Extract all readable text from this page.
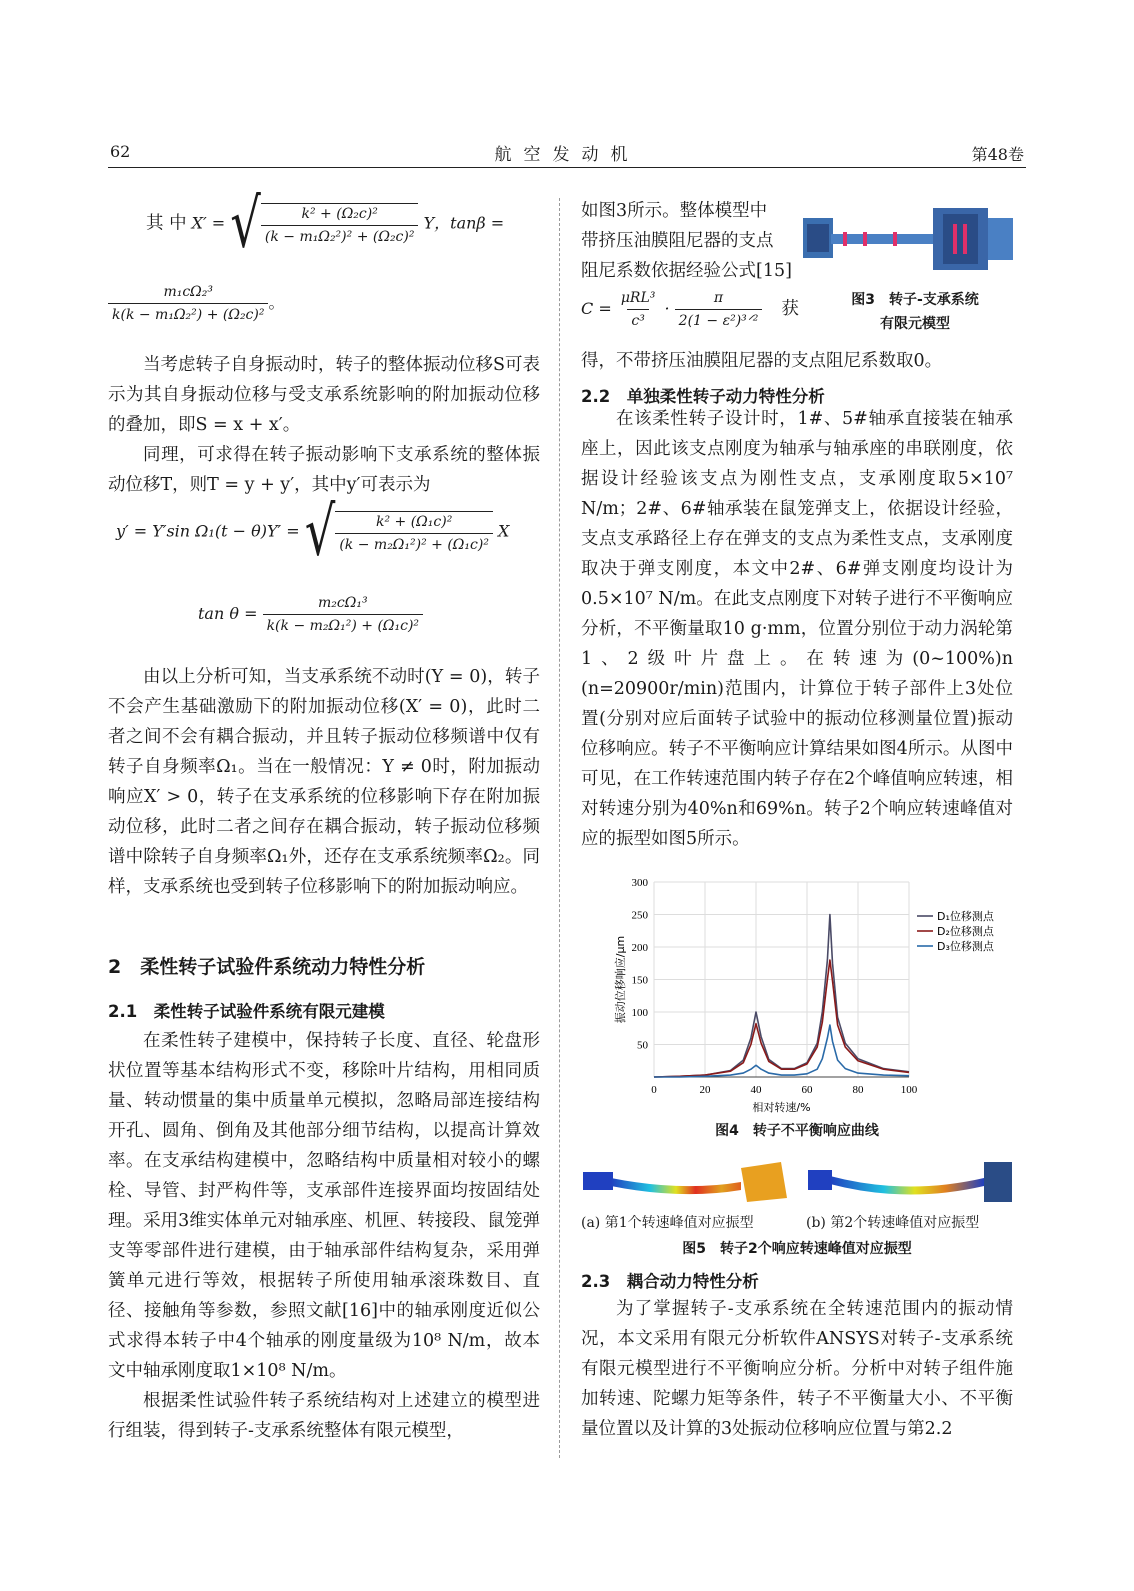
62	航空发动机	第48卷
其 中 X′ = √ $\frac{\text{k² + (Ω₂c)²}}{\text{(k − m₁Ω₂²)² + (Ω₂c)²}}$ Y，tanβ =
$\frac{\text{m₁cΩ₂³}}{\text{k(k − m₁Ω₂²) + (Ω₂c)²}}$ 。

当考虑转子自身振动时，转子的整体振动位移S可表示为其自身振动位移与受支承系统影响的附加振动位移的叠加，即S = x + x′。

同理，可求得在转子振动影响下支承系统的整体振动位移T，则T = y + y′，其中y′可表示为

y′ = Y′sin Ω₁(t − θ)Y′ = √ $\frac{\text{k² + (Ω₁c)²}}{\text{(k − m₂Ω₁²)² + (Ω₁c)²}}$ X
$\tan \theta = \frac{\text{m₂cΩ₁³}}{\text{k(k − m₂Ω₁²) + (Ω₁c)²}}$

由以上分析可知，当支承系统不动时(Y = 0)，转子不会产生基础激励下的附加振动位移(X′ = 0)，此时二者之间不会有耦合振动，并且转子振动位移频谱中仅有转子自身频率Ω₁。当在一般情况：Y ≠ 0时，附加振动响应X′ > 0，转子在支承系统的位移影响下存在附加振动位移，此时二者之间存在耦合振动，转子振动位移频谱中除转子自身频率Ω₁外，还存在支承系统频率Ω₂。同样，支承系统也受到转子位移影响下的附加振动响应。

2　柔性转子试验件系统动力特性分析
2.1　柔性转子试验件系统有限元建模

在柔性转子建模中，保持转子长度、直径、轮盘形状位置等基本结构形式不变，移除叶片结构，用相同质量、转动惯量的集中质量单元模拟，忽略局部连接结构开孔、圆角、倒角及其他部分细节结构，以提高计算效率。在支承结构建模中，忽略结构中质量相对较小的螺栓、导管、封严构件等，支承部件连接界面均按固结处理。采用3维实体单元对轴承座、机匣、转接段、鼠笼弹支等零部件进行建模，由于轴承部件结构复杂，采用弹簧单元进行等效，根据转子所使用轴承滚珠数目、直径、接触角等参数，参照文献[16]中的轴承刚度近似公式求得本转子中4个轴承的刚度量级为10⁸ N/m，故本文中轴承刚度取1×10⁸ N/m。

根据柔性试验件转子系统结构对上述建立的模型进行组装，得到转子-支承系统整体有限元模型，

如图3所示。整体模型中

带挤压油膜阻尼器的支点

阻尼系数依据经验公式[15]

$C = \frac{\text{μRL³}}{\text{c³}} \cdot \frac{\pi}{\text{2(1 − ε²)³ᐟ²}}$ 获	图3　转子-支承系统
有限元模型

得，不带挤压油膜阻尼器的支点阻尼系数取0。

2.2　单独柔性转子动力特性分析

在该柔性转子设计时，1#、5#轴承直接装在轴承座上，因此该支点刚度为轴承与轴承座的串联刚度，依据设计经验该支点为刚性支点，支承刚度取5×10⁷ N/m；2#、6#轴承装在鼠笼弹支上，依据设计经验，支点支承路径上存在弹支的支点为柔性支点，支承刚度取决于弹支刚度，本文中2#、6#弹支刚度均设计为0.5×10⁷ N/m。在此支点刚度下对转子进行不平衡响应分析，不平衡量取10 g·mm，位置分别位于动力涡轮第1、2级叶片盘上。在转速为(0~100%)n (n=20900r/min)范围内，计算位于转子部件上3处位置(分别对应后面转子试验中的振动位移测量位置)振动位移响应。转子不平衡响应计算结果如图4所示。从图中可见，在工作转速范围内转子存在2个峰值响应转速，相对转速分别为40%n和69%n。转子2个响应转速峰值对应的振型如图5所示。

50
100
150
200
250
300
0	20	40	60	80	100
相对转速/%
振动位移响应/μm
D₁位移测点
D₂位移测点
D₃位移测点
图4　转子不平衡响应曲线
(a) 第1个转速峰值对应振型	(b) 第2个转速峰值对应振型
图5　转子2个响应转速峰值对应振型
2.3　耦合动力特性分析

为了掌握转子-支承系统在全转速范围内的振动情况，本文采用有限元分析软件ANSYS对转子-支承系统有限元模型进行不平衡响应分析。分析中对转子组件施加转速、陀螺力矩等条件，转子不平衡量大小、不平衡量位置以及计算的3处振动位移响应位置与第2.2
